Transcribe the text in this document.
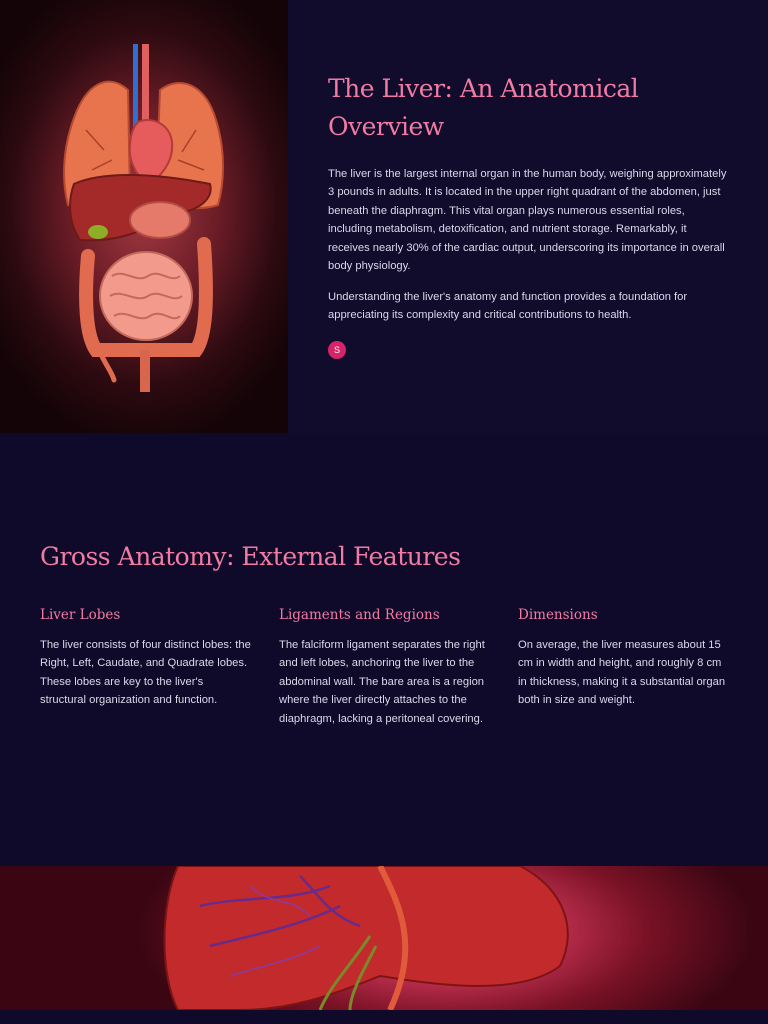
The Liver: An Anatomical Overview

The liver is the largest internal organ in the human body, weighing approximately 3 pounds in adults. It is located in the upper right quadrant of the abdomen, just beneath the diaphragm. This vital organ plays numerous essential roles, including metabolism, detoxification, and nutrient storage. Remarkably, it receives nearly 30% of the cardiac output, underscoring its importance in overall body physiology.

Understanding the liver's anatomy and function provides a foundation for appreciating its complexity and critical contributions to health.

S
Gross Anatomy: External Features
Liver Lobes

The liver consists of four distinct lobes: the Right, Left, Caudate, and Quadrate lobes. These lobes are key to the liver's structural organization and function.

Ligaments and Regions

The falciform ligament separates the right and left lobes, anchoring the liver to the abdominal wall. The bare area is a region where the liver directly attaches to the diaphragm, lacking a peritoneal covering.

Dimensions

On average, the liver measures about 15 cm in width and height, and roughly 8 cm in thickness, making it a substantial organ both in size and weight.
